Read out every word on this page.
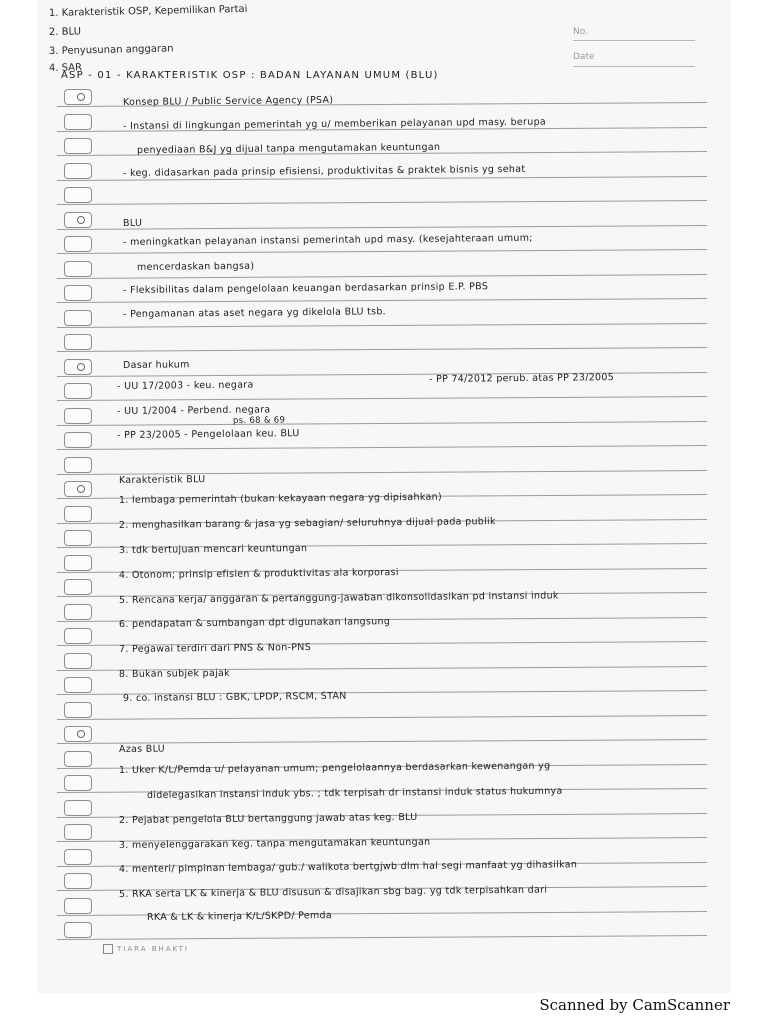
1. Karakteristik OSP, Kepemilikan Partai
2. BLU
3. Penyusunan anggaran
4. SAR
No.
Date
ASP - 01 - KARAKTERISTIK OSP : BADAN LAYANAN UMUM (BLU)
Konsep BLU / Public Service Agency (PSA)
- Instansi di lingkungan pemerintah yg u/ memberikan pelayanan upd masy. berupa
penyediaan B&J yg dijual tanpa mengutamakan keuntungan
- keg. didasarkan pada prinsip efisiensi, produktivitas & praktek bisnis yg sehat
BLU
- meningkatkan pelayanan instansi pemerintah upd masy. (kesejahteraan umum;
mencerdaskan bangsa)
- Fleksibilitas dalam pengelolaan keuangan berdasarkan prinsip E.P. PBS
- Pengamanan atas aset negara yg dikelola BLU tsb.
Dasar hukum
- UU 17/2003 - keu. negara
- PP 74/2012 perub. atas PP 23/2005
- UU 1/2004 - Perbend. negara
ps. 68 & 69
- PP 23/2005 - Pengelolaan keu. BLU
Karakteristik BLU
1. lembaga pemerintah (bukan kekayaan negara yg dipisahkan)
2. menghasilkan barang & jasa yg sebagian/ seluruhnya dijual pada publik
3. tdk bertujuan mencari keuntungan
4. Otonom; prinsip efisien & produktivitas ala korporasi
5. Rencana kerja/ anggaran & pertanggung-jawaban dikonsolidasikan pd instansi induk
6. pendapatan & sumbangan dpt digunakan langsung
7. Pegawai terdiri dari PNS & Non-PNS
8. Bukan subjek pajak
9. co. instansi BLU : GBK, LPDP, RSCM, STAN
Azas BLU
1. Uker K/L/Pemda u/ pelayanan umum; pengelolaannya berdasarkan kewenangan yg
didelegasikan instansi induk ybs. ; tdk terpisah dr instansi induk status hukumnya
2. Pejabat pengelola BLU bertanggung jawab atas keg. BLU
3. menyelenggarakan keg. tanpa mengutamakan keuntungan
4. menteri/ pimpinan lembaga/ gub./ walikota bertgjwb dlm hal segi manfaat yg dihasilkan
5. RKA serta LK & kinerja & BLU disusun & disajikan sbg bag. yg tdk terpisahkan dari
RKA & LK & kinerja K/L/SKPD/ Pemda
TIARA BHAKTI
Scanned by CamScanner
